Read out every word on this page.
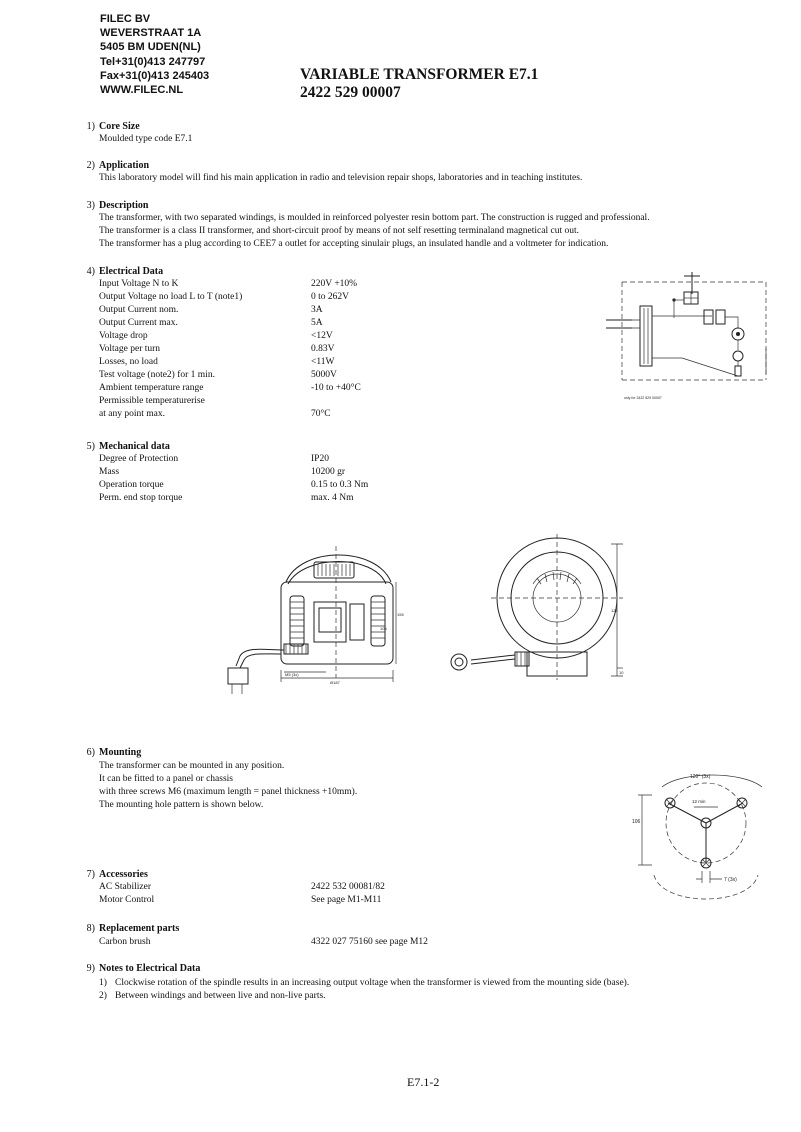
FILEC BV
WEVERSTRAAT 1A
5405 BM UDEN(NL)
Tel+31(0)413 247797
Fax+31(0)413 245403
WWW.FILEC.NL
VARIABLE TRANSFORMER E7.1
2422 529 00007
1) Core Size
Moulded type code E7.1
2) Application
This laboratory model will find his main application in radio and television repair shops, laboratories and in teaching institutes.
3) Description
The transformer, with two separated windings, is moulded in reinforced polyester resin bottom part. The construction is rugged and professional.
The transformer is a class II transformer, and short-circuit proof by means of not self resetting terminaland magnetical cut out.
The transformer has a plug according to CEE7 a outlet for accepting sinulair plugs, an insulated handle and a voltmeter for indication.
4) Electrical Data
Input Voltage N to K	220V +10%
Output Voltage no load L to T (note1)	0 to 262V
Output Current nom.	3A
Output Current max.	5A
Voltage drop	<12V
Voltage per turn	0.83V
Losses, no load	<11W
Test voltage (note2) for 1 min.	5000V
Ambient temperature range	-10 to +40°C
Permissible temperaturerise
at any point max.	70°C
only for 2422 529 00007
5) Mechanical data
Degree of Protection	IP20
Mass	10200 gr
Operation torque	0.15 to 0.3 Nm
Perm. end stop torque	max. 4 Nm
155
106
M5 (3x)
Ø187
122
10
6) Mounting
The transformer can be mounted in any position.
It can be fitted to a panel or chassis
with three screws M6 (maximum length = panel thickness +10mm).
The mounting hole pattern is shown below.
120° (3x)
12 min
106
7 (3x)
7) Accessories
AC Stabilizer	2422 532 00081/82
Motor Control	See page M1-M11
8) Replacement parts
Carbon brush	4322 027 75160 see page M12
9) Notes to Electrical Data
1) Clockwise rotation of the spindle results in an increasing output voltage when the transformer is viewed from the mounting side (base).
2) Between windings and between live and non-live parts.
E7.1-2
